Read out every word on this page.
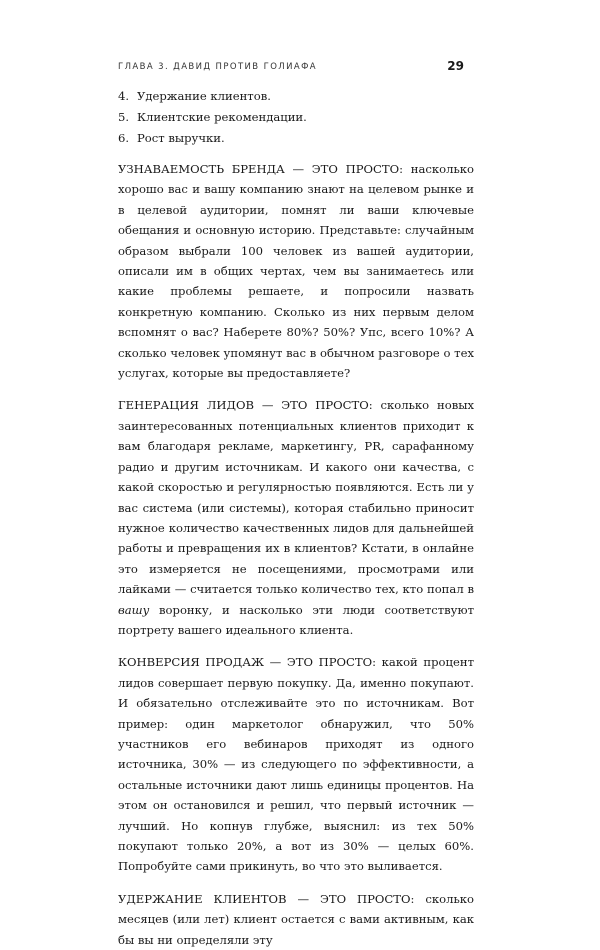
ГЛАВА 3. ДАВИД ПРОТИВ ГОЛИАФА	29
4. Удержание клиентов.
5. Клиентские рекомендации.
6. Рост выручки.

УЗНАВАЕМОСТЬ БРЕНДА — ЭТО ПРОСТО: насколько хорошо вас и вашу компанию знают на целевом рынке и в целевой аудитории, помнят ли ваши ключевые обещания и основную историю. Представьте: случайным образом выбрали 100 человек из вашей аудитории, описали им в общих чертах, чем вы занимаетесь или какие проблемы решаете, и попросили назвать конкретную компанию. Сколько из них первым делом вспомнят о вас? Наберете 80%? 50%? Упс, всего 10%? А сколько человек упомянут вас в обычном разговоре о тех услугах, которые вы предоставляете?

ГЕНЕРАЦИЯ ЛИДОВ — ЭТО ПРОСТО: сколько новых заинтересованных потенциальных клиентов приходит к вам благодаря рекламе, маркетингу, PR, сарафанному радио и другим источникам. И какого они качества, с какой скоростью и регулярностью появляются. Есть ли у вас система (или системы), которая стабильно приносит нужное количество качественных лидов для дальнейшей работы и превращения их в клиентов? Кстати, в онлайне это измеряется не посещениями, просмотрами или лайками — считается только количество тех, кто попал в вашу воронку, и насколько эти люди соответствуют портрету вашего идеального клиента.

КОНВЕРСИЯ ПРОДАЖ — ЭТО ПРОСТО: какой процент лидов совершает первую покупку. Да, именно покупают. И обязательно отслеживайте это по источникам. Вот пример: один маркетолог обнаружил, что 50% участников его вебинаров приходят из одного источника, 30% — из следующего по эффективности, а остальные источники дают лишь единицы процентов. На этом он остановился и решил, что первый источник — лучший. Но копнув глубже, выяснил: из тех 50% покупают только 20%, а вот из 30% — целых 60%. Попробуйте сами прикинуть, во что это выливается.

УДЕРЖАНИЕ КЛИЕНТОВ — ЭТО ПРОСТО: сколько месяцев (или лет) клиент остается с вами активным, как бы вы ни определяли эту
